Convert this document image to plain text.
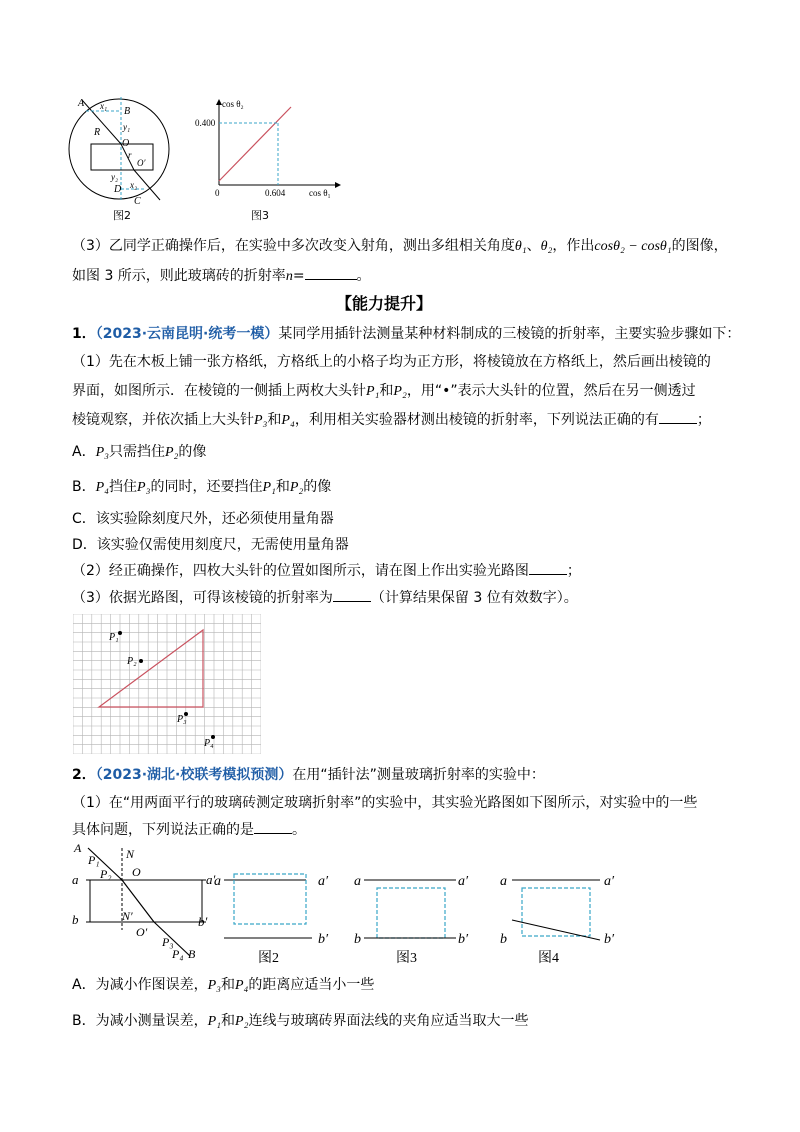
A
B
x₁
y₁
R
O
r
O′
y₂
D x₂
C
图2
cos θ₂
0.400
0	0.604	cos θ₁
图3
（3）乙同学正确操作后，在实验中多次改变入射角，测出多组相关角度θ₁、θ₂，作出cosθ₂ − cosθ₁的图像，
如图 3 所示，则此玻璃砖的折射率n=	。
【能力提升】
1．（2023·云南昆明·统考一模）某同学用插针法测量某种材料制成的三棱镜的折射率，主要实验步骤如下：
（1）先在木板上铺一张方格纸，方格纸上的小格子均为正方形，将棱镜放在方格纸上，然后画出棱镜的
界面，如图所示．在棱镜的一侧插上两枚大头针P₁和P₂，用“•”表示大头针的位置，然后在另一侧透过
棱镜观察，并依次插上大头针P₃和P₄，利用相关实验器材测出棱镜的折射率，下列说法正确的有	；
A．P₃只需挡住P₂的像
B．P₄挡住P₃的同时，还要挡住P₁和P₂的像
C．该实验除刻度尺外，还必须使用量角器
D．该实验仅需使用刻度尺，无需使用量角器
（2）经正确操作，四枚大头针的位置如图所示，请在图上作出实验光路图	；
（3）依据光路图，可得该棱镜的折射率为	（计算结果保留 3 位有效数字）。
P₁
P₂
P₃
P₄
2．（2023·湖北·校联考模拟预测）在用“插针法”测量玻璃折射率的实验中：
（1）在“用两面平行的玻璃砖测定玻璃折射率”的实验中，其实验光路图如下图所示，对实验中的一些
具体问题，下列说法正确的是	。
A
P₁ N
P₂ O
a	a′
b	N′	b′
O′
P₃
P₄ B
a	a′
b′
图2
a	a′
b	b′
图3
a	a′
b	b′
图4
A．为减小作图误差，P₃和P₄的距离应适当小一些
B．为减小测量误差，P₁和P₂连线与玻璃砖界面法线的夹角应适当取大一些
